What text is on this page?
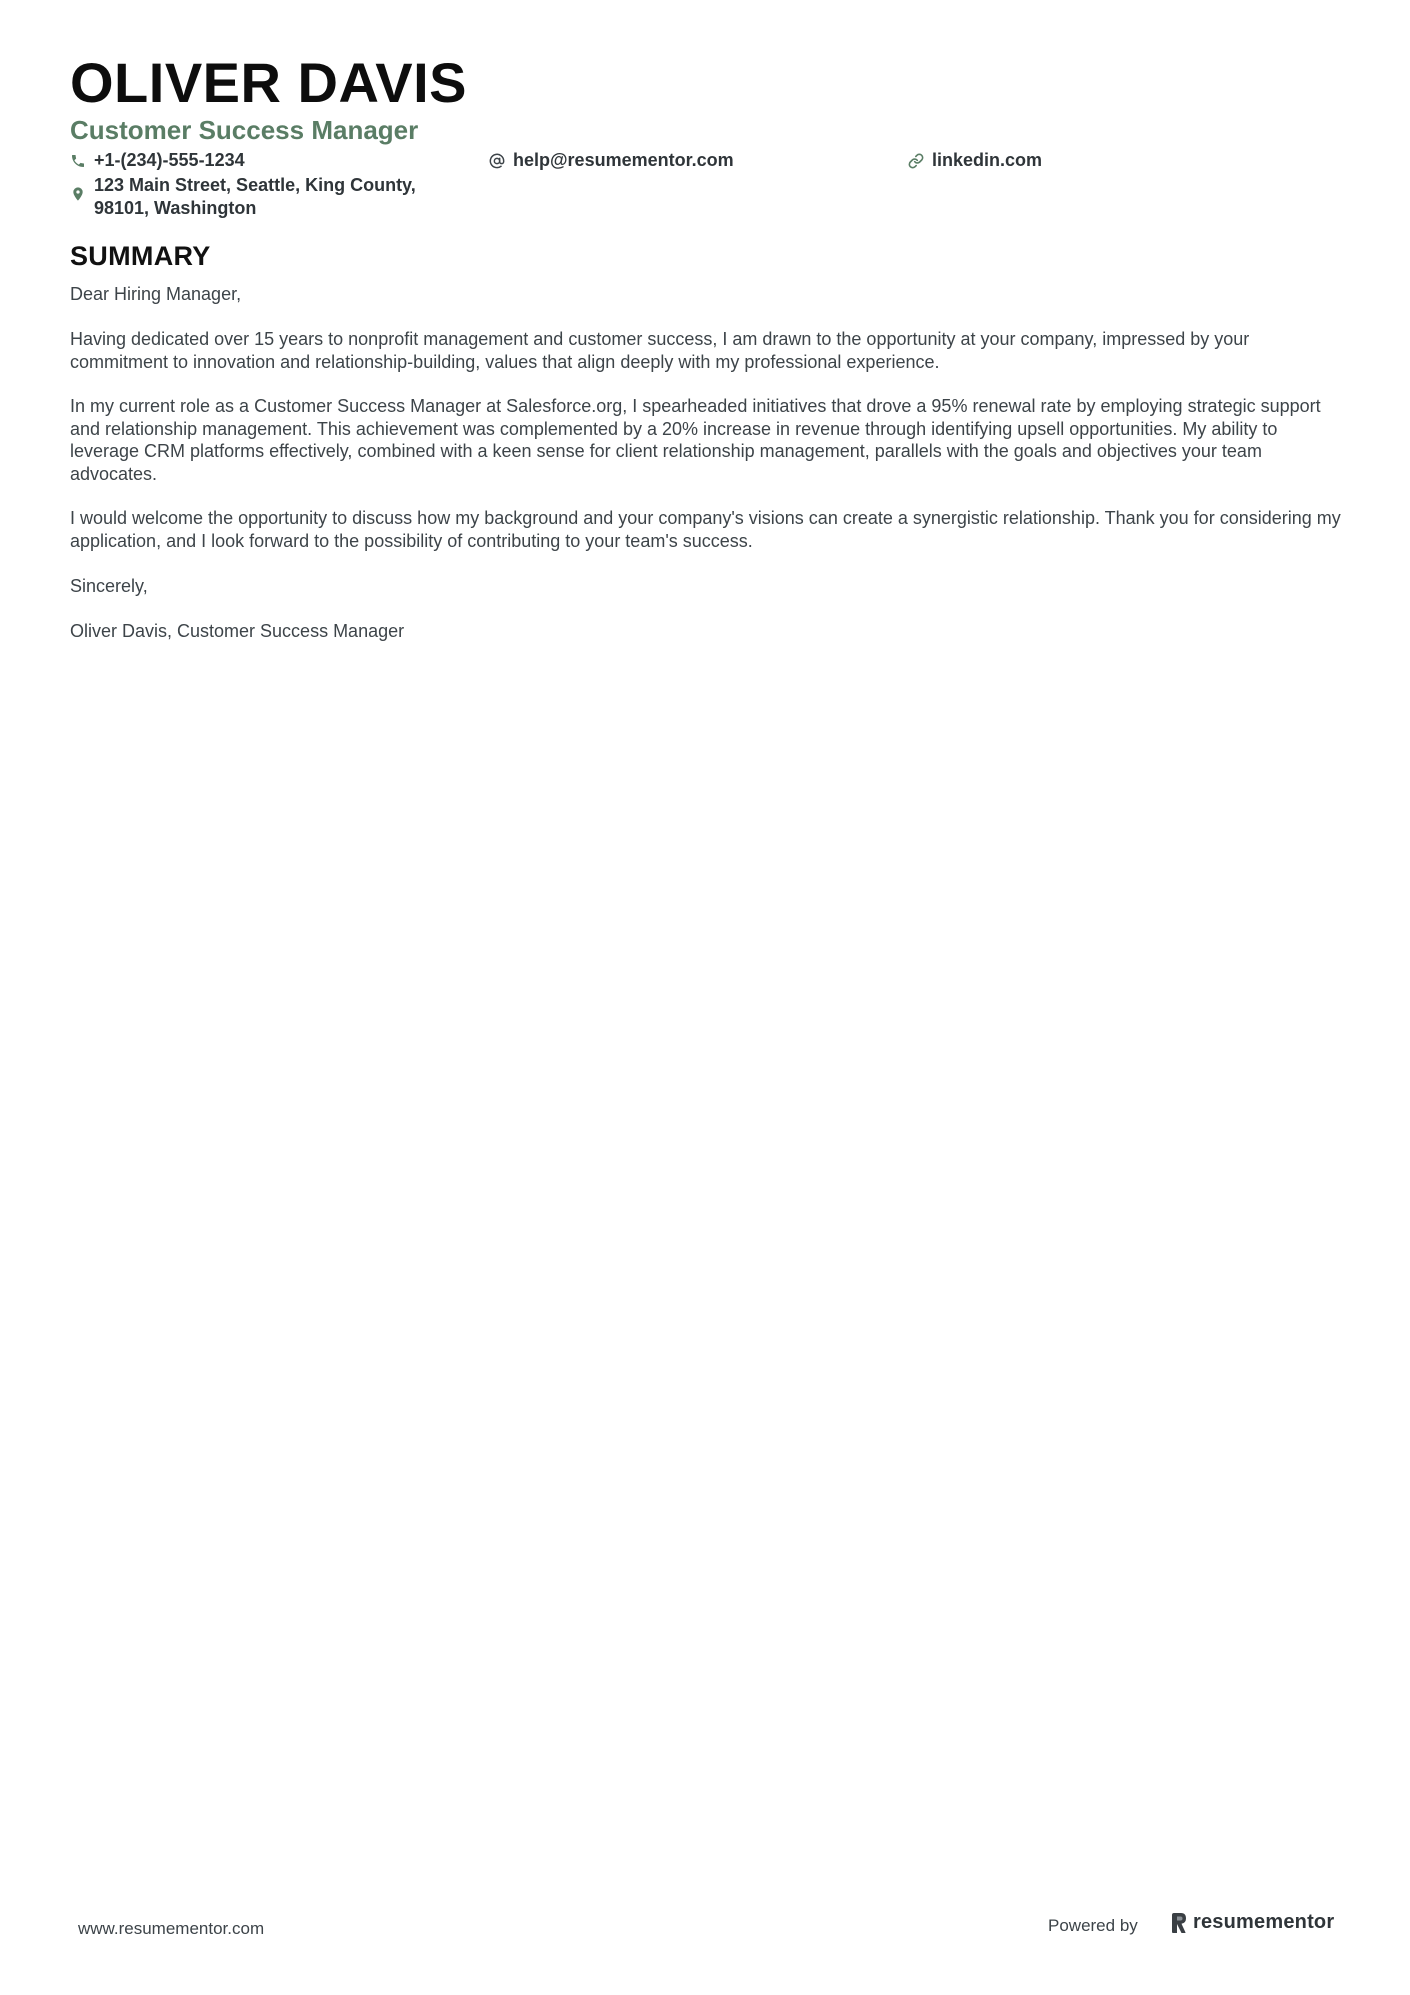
OLIVER DAVIS
Customer Success Manager
+1-(234)-555-1234	help@resumementor.com	linkedin.com
123 Main Street, Seattle, King County, 98101, Washington
SUMMARY

Dear Hiring Manager,

Having dedicated over 15 years to nonprofit management and customer success, I am drawn to the opportunity at your company, impressed by your commitment to innovation and relationship-building, values that align deeply with my professional experience.

In my current role as a Customer Success Manager at Salesforce.org, I spearheaded initiatives that drove a 95% renewal rate by employing strategic support and relationship management. This achievement was complemented by a 20% increase in revenue through identifying upsell opportunities. My ability to leverage CRM platforms effectively, combined with a keen sense for client relationship management, parallels with the goals and objectives your team advocates.

I would welcome the opportunity to discuss how my background and your company's visions can create a synergistic relationship. Thank you for considering my application, and I look forward to the possibility of contributing to your team's success.

Sincerely,

Oliver Davis, Customer Success Manager

www.resumementor.com	Powered by	resumementor
